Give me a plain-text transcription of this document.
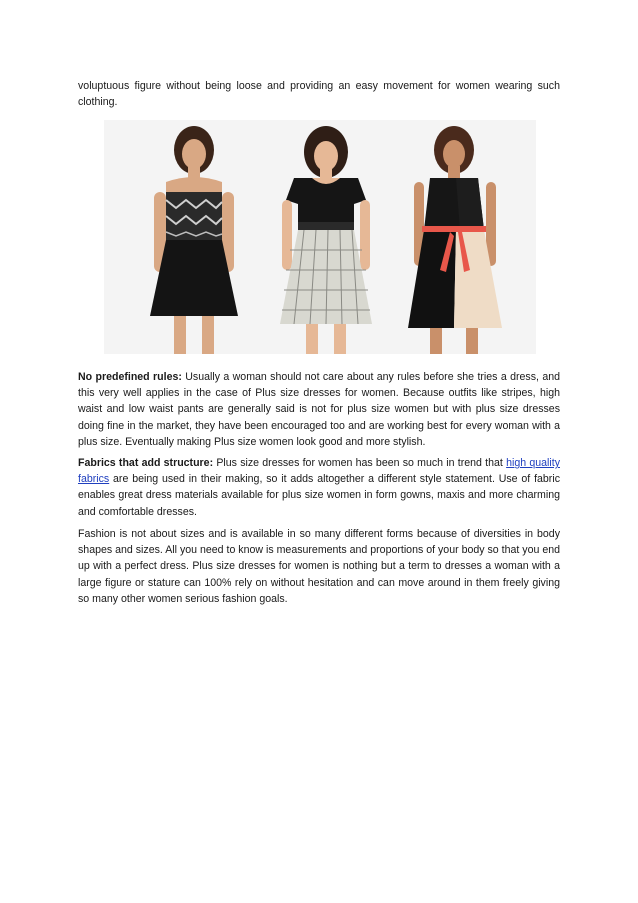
voluptuous figure without being loose and providing an easy movement for women wearing such clothing.

No predefined rules: Usually a woman should not care about any rules before she tries a dress, and this very well applies in the case of Plus size dresses for women. Because outfits like stripes, high waist and low waist pants are generally said is not for plus size women but with plus size dresses doing fine in the market, they have been encouraged too and are working best for every woman with a plus size. Eventually making Plus size women look good and more stylish.

Fabrics that add structure: Plus size dresses for women has been so much in trend that high quality fabrics are being used in their making, so it adds altogether a different style statement. Use of fabric enables great dress materials available for plus size women in form gowns, maxis and more charming and comfortable dresses.

Fashion is not about sizes and is available in so many different forms because of diversities in body shapes and sizes. All you need to know is measurements and proportions of your body so that you end up with a perfect dress. Plus size dresses for women is nothing but a term to dresses a woman with a large figure or stature can 100% rely on without hesitation and can move around in them freely giving so many other women serious fashion goals.
